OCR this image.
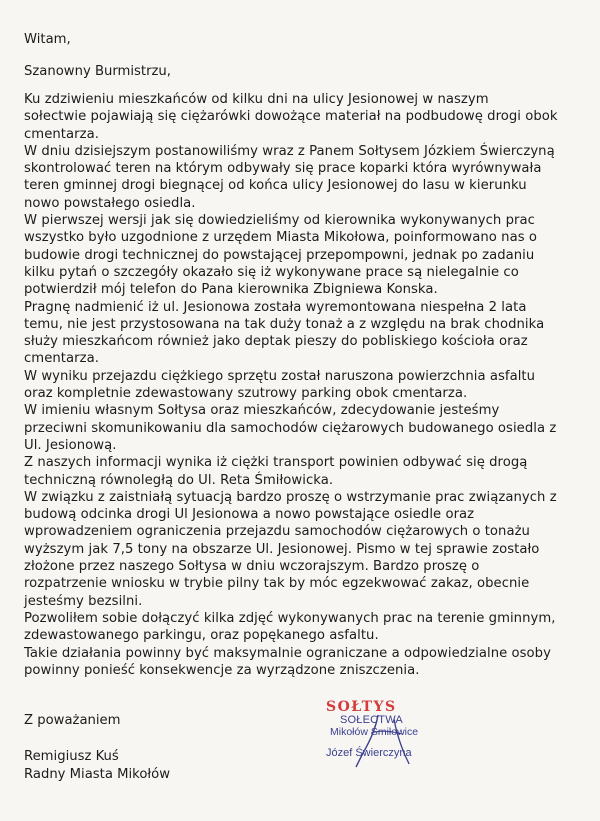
Witam,
Szanowny Burmistrzu,
Ku zdziwieniu mieszkańców od kilku dni na ulicy Jesionowej w naszym
sołectwie pojawiają się ciężarówki dowożące materiał na podbudowę drogi obok
cmentarza.
W dniu dzisiejszym postanowiliśmy wraz z Panem Sołtysem Józkiem Świerczyną
skontrolować teren na którym odbywały się prace koparki która wyrównywała
teren gminnej drogi biegnącej od końca ulicy Jesionowej do lasu w kierunku
nowo powstałego osiedla.
W pierwszej wersji jak się dowiedzieliśmy od kierownika wykonywanych prac
wszystko było uzgodnione z urzędem Miasta Mikołowa, poinformowano nas o
budowie drogi technicznej do powstającej przepompowni, jednak po zadaniu
kilku pytań o szczegóły okazało się iż wykonywane prace są nielegalnie co
potwierdził mój telefon do Pana kierownika Zbigniewa Konska.
Pragnę nadmienić iż ul. Jesionowa została wyremontowana niespełna 2 lata
temu, nie jest przystosowana na tak duży tonaż a z względu na brak chodnika
służy mieszkańcom również jako deptak pieszy do pobliskiego kościoła oraz
cmentarza.
W wyniku przejazdu ciężkiego sprzętu został naruszona powierzchnia asfaltu
oraz kompletnie zdewastowany szutrowy parking obok cmentarza.
W imieniu własnym Sołtysa oraz mieszkańców, zdecydowanie jesteśmy
przeciwni skomunikowaniu dla samochodów ciężarowych budowanego osiedla z
Ul. Jesionową.
Z naszych informacji wynika iż ciężki transport powinien odbywać się drogą
techniczną równoległą do Ul. Reta Śmiłowicka.
W związku z zaistniałą sytuacją bardzo proszę o wstrzymanie prac związanych z
budową odcinka drogi Ul Jesionowa a nowo powstające osiedle oraz
wprowadzeniem ograniczenia przejazdu samochodów ciężarowych o tonażu
wyższym jak 7,5 tony na obszarze Ul. Jesionowej. Pismo w tej sprawie zostało
złożone przez naszego Sołtysa w dniu wczorajszym. Bardzo proszę o
rozpatrzenie wniosku w trybie pilny tak by móc egzekwować zakaz, obecnie
jesteśmy bezsilni.
Pozwoliłem sobie dołączyć kilka zdjęć wykonywanych prac na terenie gminnym,
zdewastowanego parkingu, oraz popękanego asfaltu.
Takie działania powinny być maksymalnie ograniczane a odpowiedzialne osoby
powinny ponieść konsekwencje za wyrządzone zniszczenia.
Z poważaniem
Remigiusz Kuś
Radny Miasta Mikołów
SOŁTYS
SOŁECTWA
Mikołów Śmiłowice
Józef Świerczyna
